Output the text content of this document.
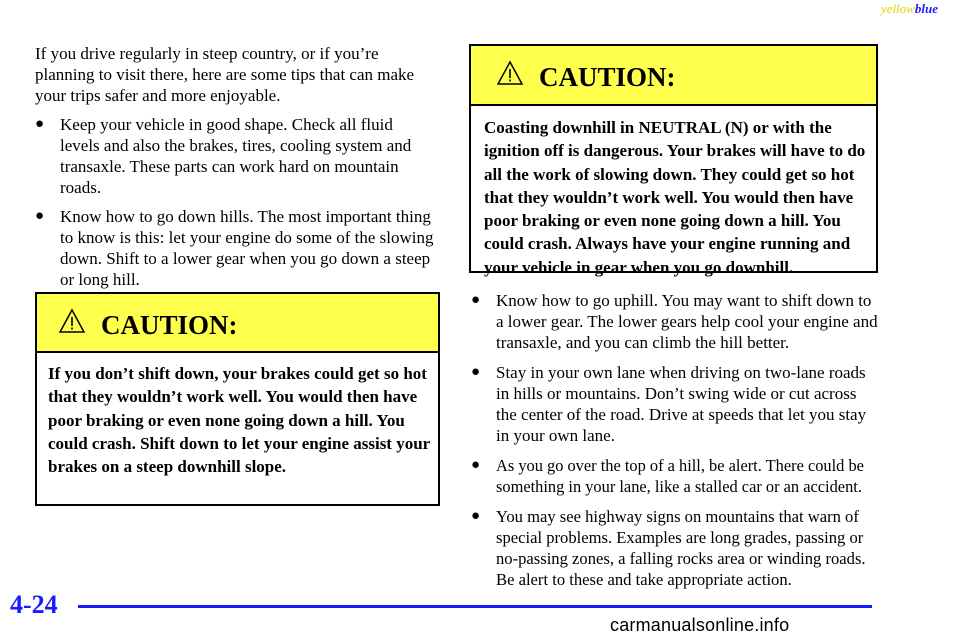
yellowblue

If you drive regularly in steep country, or if you’re planning to visit there, here are some tips that can make your trips safer and more enjoyable.

● Keep your vehicle in good shape. Check all fluid levels and also the brakes, tires, cooling system and transaxle. These parts can work hard on mountain roads.
● Know how to go down hills. The most important thing to know is this: let your engine do some of the slowing down. Shift to a lower gear when you go down a steep or long hill.
CAUTION:
If you don’t shift down, your brakes could get so hot that they wouldn’t work well. You would then have poor braking or even none going down a hill. You could crash. Shift down to let your engine assist your brakes on a steep downhill slope.
CAUTION:
Coasting downhill in NEUTRAL (N) or with the ignition off is dangerous. Your brakes will have to do all the work of slowing down. They could get so hot that they wouldn’t work well. You would then have poor braking or even none going down a hill. You could crash. Always have your engine running and your vehicle in gear when you go downhill.
● Know how to go uphill. You may want to shift down to a lower gear. The lower gears help cool your engine and transaxle, and you can climb the hill better.
● Stay in your own lane when driving on two-lane roads in hills or mountains. Don’t swing wide or cut across the center of the road. Drive at speeds that let you stay in your own lane.
● As you go over the top of a hill, be alert. There could be something in your lane, like a stalled car or an accident.
● You may see highway signs on mountains that warn of special problems. Examples are long grades, passing or no-passing zones, a falling rocks area or winding roads. Be alert to these and take appropriate action.
4-24
carmanualsonline.info
